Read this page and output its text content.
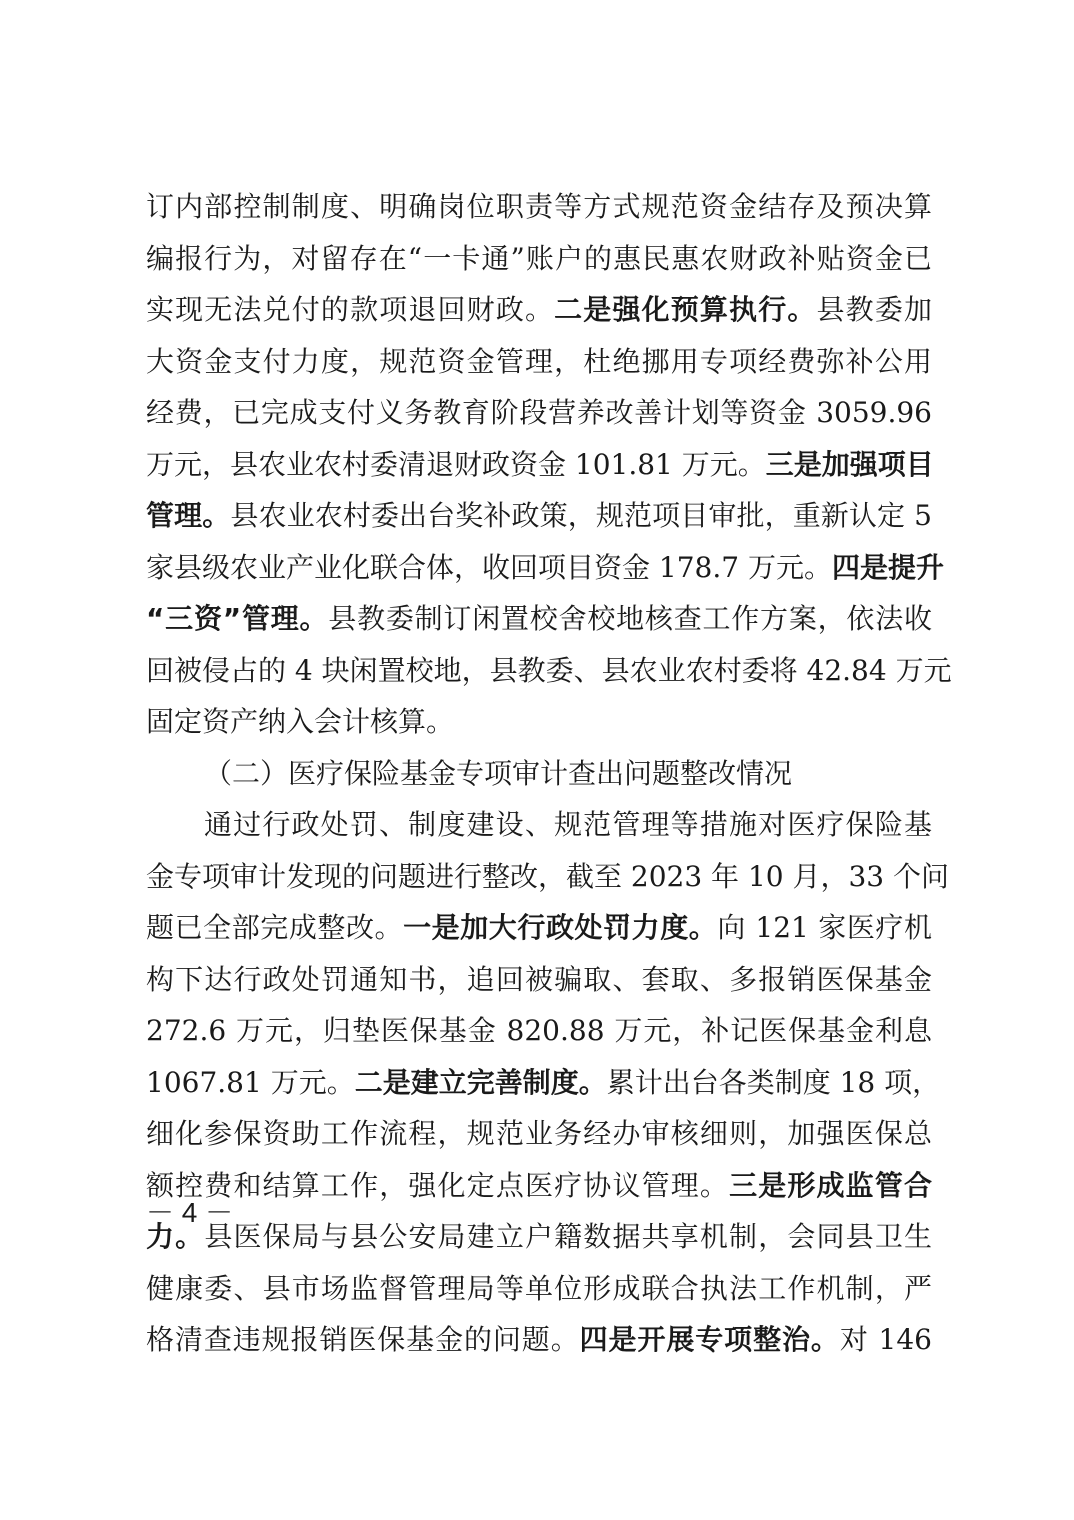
订内部控制制度、明确岗位职责等方式规范资金结存及预决算
编报行为，对留存在“一卡通”账户的惠民惠农财政补贴资金已
实现无法兑付的款项退回财政。二是强化预算执行。县教委加
大资金支付力度，规范资金管理，杜绝挪用专项经费弥补公用
经费，已完成支付义务教育阶段营养改善计划等资金 3059.96
万元，县农业农村委清退财政资金 101.81 万元。三是加强项目
管理。县农业农村委出台奖补政策，规范项目审批，重新认定 5
家县级农业产业化联合体，收回项目资金 178.7 万元。四是提升
“三资”管理。县教委制订闲置校舍校地核查工作方案，依法收
回被侵占的 4 块闲置校地，县教委、县农业农村委将 42.84 万元
固定资产纳入会计核算。
（二）医疗保险基金专项审计查出问题整改情况
通过行政处罚、制度建设、规范管理等措施对医疗保险基
金专项审计发现的问题进行整改，截至 2023 年 10 月，33 个问
题已全部完成整改。一是加大行政处罚力度。向 121 家医疗机
构下达行政处罚通知书，追回被骗取、套取、多报销医保基金
272.6 万元，归垫医保基金 820.88 万元，补记医保基金利息
1067.81 万元。二是建立完善制度。累计出台各类制度 18 项，
细化参保资助工作流程，规范业务经办审核细则，加强医保总
额控费和结算工作，强化定点医疗协议管理。三是形成监管合
力。县医保局与县公安局建立户籍数据共享机制，会同县卫生
健康委、县市场监督管理局等单位形成联合执法工作机制，严
格清查违规报销医保基金的问题。四是开展专项整治。对 146
－ 4 －
